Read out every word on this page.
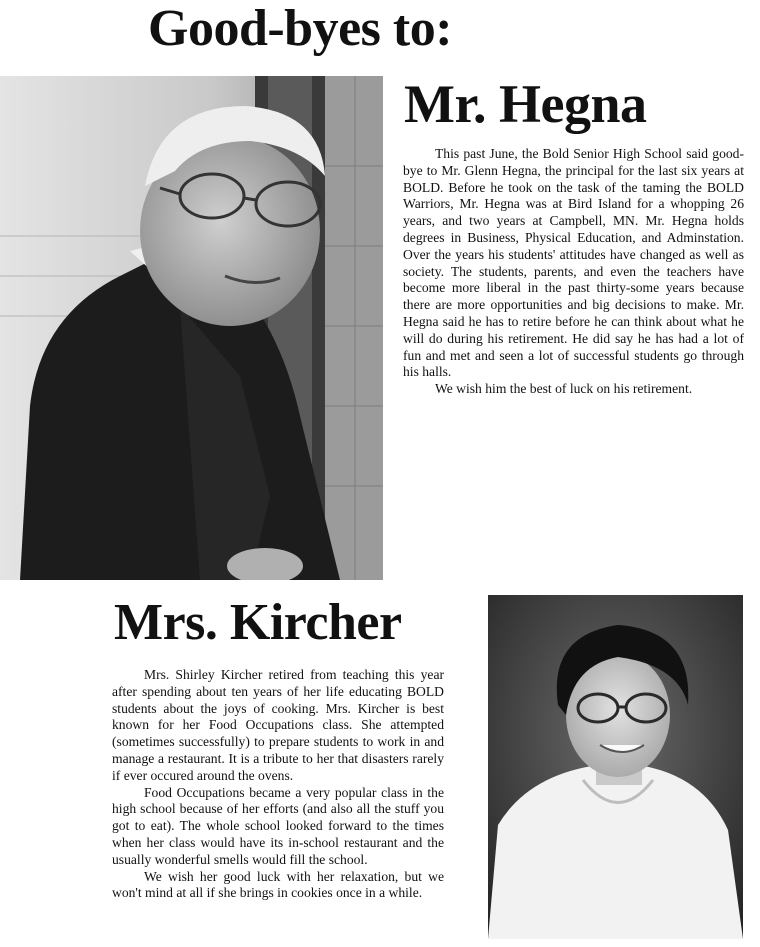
Good-byes to:
Mr. Hegna

This past June, the Bold Senior High School said good-bye to Mr. Glenn Hegna, the principal for the last six years at BOLD. Before he took on the task of the taming the BOLD Warriors, Mr. Hegna was at Bird Island for a whopping 26 years, and two years at Campbell, MN. Mr. Hegna holds degrees in Business, Physical Education, and Adminstation. Over the years his students' attitudes have changed as well as society. The students, parents, and even the teachers have become more liberal in the past thirty-some years because there are more opportunities and big decisions to make. Mr. Hegna said he has to retire before he can think about what he will do during his retirement. He did say he has had a lot of fun and met and seen a lot of successful students go through his halls.

We wish him the best of luck on his retirement.

Mrs. Kircher

Mrs. Shirley Kircher retired from teaching this year after spending about ten years of her life educating BOLD students about the joys of cooking. Mrs. Kircher is best known for her Food Occupations class. She attempted (sometimes successfully) to prepare students to work in and manage a restaurant. It is a tribute to her that disasters rarely if ever occured around the ovens.

Food Occupations became a very popular class in the high school because of her efforts (and also all the stuff you got to eat). The whole school looked forward to the times when her class would have its in-school restaurant and the usually wonderful smells would fill the school.

We wish her good luck with her relaxation, but we won't mind at all if she brings in cookies once in a while.
